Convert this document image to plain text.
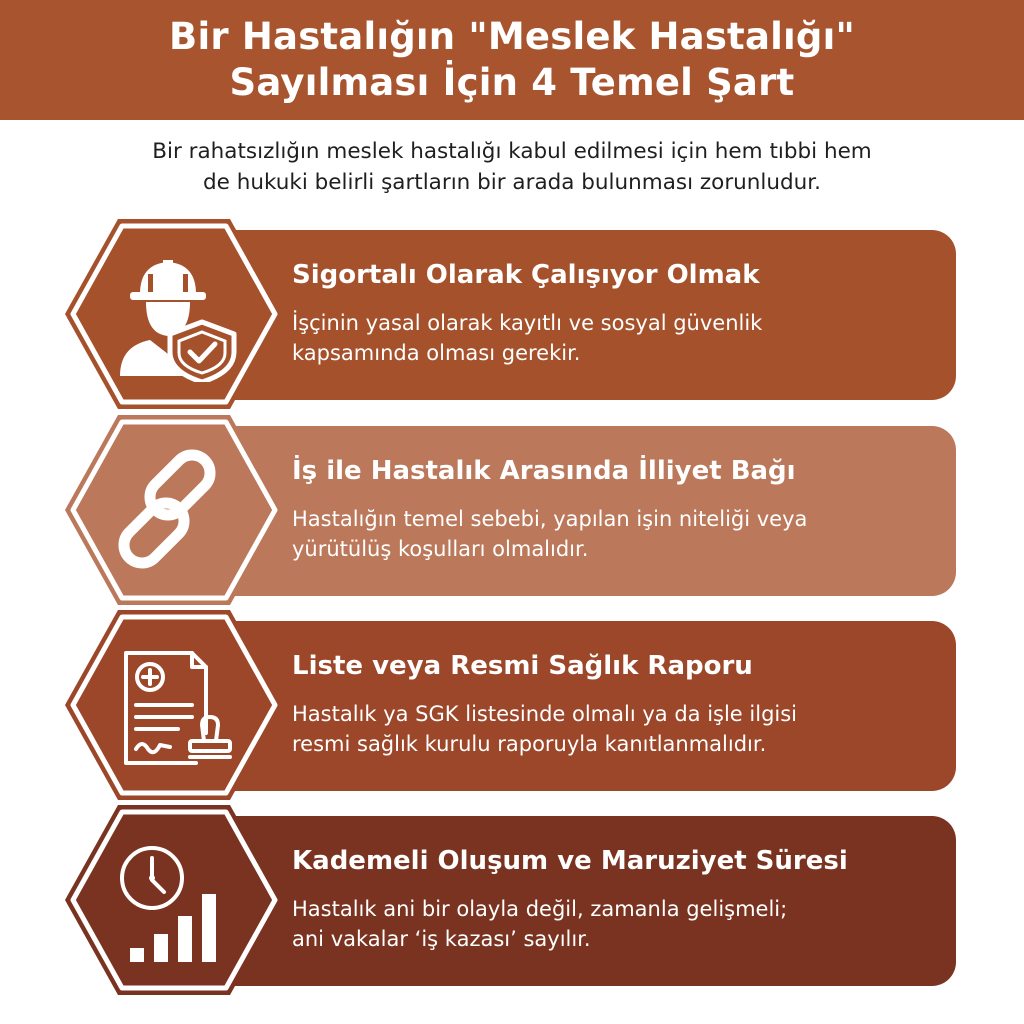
Bir Hastalığın "Meslek Hastalığı"
Sayılması İçin 4 Temel Şart
Bir rahatsızlığın meslek hastalığı kabul edilmesi için hem tıbbi hem
de hukuki belirli şartların bir arada bulunması zorunludur.
Sigortalı Olarak Çalışıyor Olmak
İşçinin yasal olarak kayıtlı ve sosyal güvenlik
kapsamında olması gerekir.
İş ile Hastalık Arasında İlliyet Bağı
Hastalığın temel sebebi, yapılan işin niteliği veya
yürütülüş koşulları olmalıdır.
Liste veya Resmi Sağlık Raporu
Hastalık ya SGK listesinde olmalı ya da işle ilgisi
resmi sağlık kurulu raporuyla kanıtlanmalıdır.
Kademeli Oluşum ve Maruziyet Süresi
Hastalık ani bir olayla değil, zamanla gelişmeli;
ani vakalar ‘iş kazası’ sayılır.
